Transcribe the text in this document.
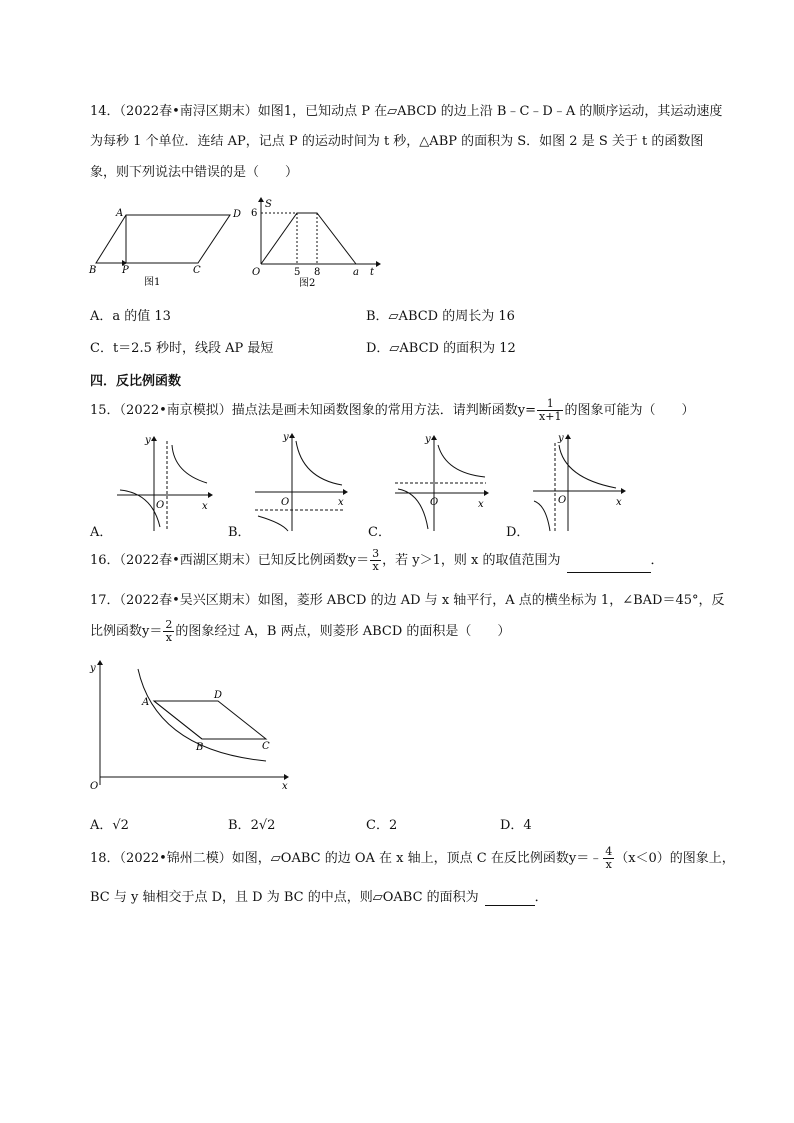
14．（2022春•南浔区期末）如图1，已知动点 P 在▱ABCD 的边上沿 B﹣C﹣D﹣A 的顺序运动，其运动速度
为每秒 1 个单位．连结 AP，记点 P 的运动时间为 t 秒，△ABP 的面积为 S．如图 2 是 S 关于 t 的函数图
象，则下列说法中错误的是（　　）
A	D
B	P	C
图1
S
6
O	5 8	a t
图2
A．a 的值 13	B．▱ABCD 的周长为 16
C．t＝2.5 秒时，线段 AP 最短	D．▱ABCD 的面积为 12
四．反比例函数
15．（2022•南京模拟）描点法是画未知函数图象的常用方法．请判断函数$y= \frac{1}{x+1}$ 的图象可能为（　　）
y
x
O
A．
y
x
O
B．
y
x
O
C．
y
x
O
D．
16．（2022春•西湖区期末）已知反比例函数$y= \frac{3}{x}$ ，若 y＞1，则 x 的取值范围为	．
17．（2022春•吴兴区期末）如图，菱形 ABCD 的边 AD 与 x 轴平行，A 点的横坐标为 1，∠BAD＝45°，反
比例函数$y= \frac{2}{x}$ 的图象经过 A，B 两点，则菱形 ABCD 的面积是（　　）
y
x
O
A
D
B	C
A．√2	B．2√2	C．2	D．4
18．（2022•锦州二模）如图，▱OABC 的边 OA 在 x 轴上，顶点 C 在反比例函数y＝﹣ $\frac{4}{x} (x<0)$的图象上，
BC 与 y 轴相交于点 D，且 D 为 BC 的中点，则▱OABC 的面积为	．
